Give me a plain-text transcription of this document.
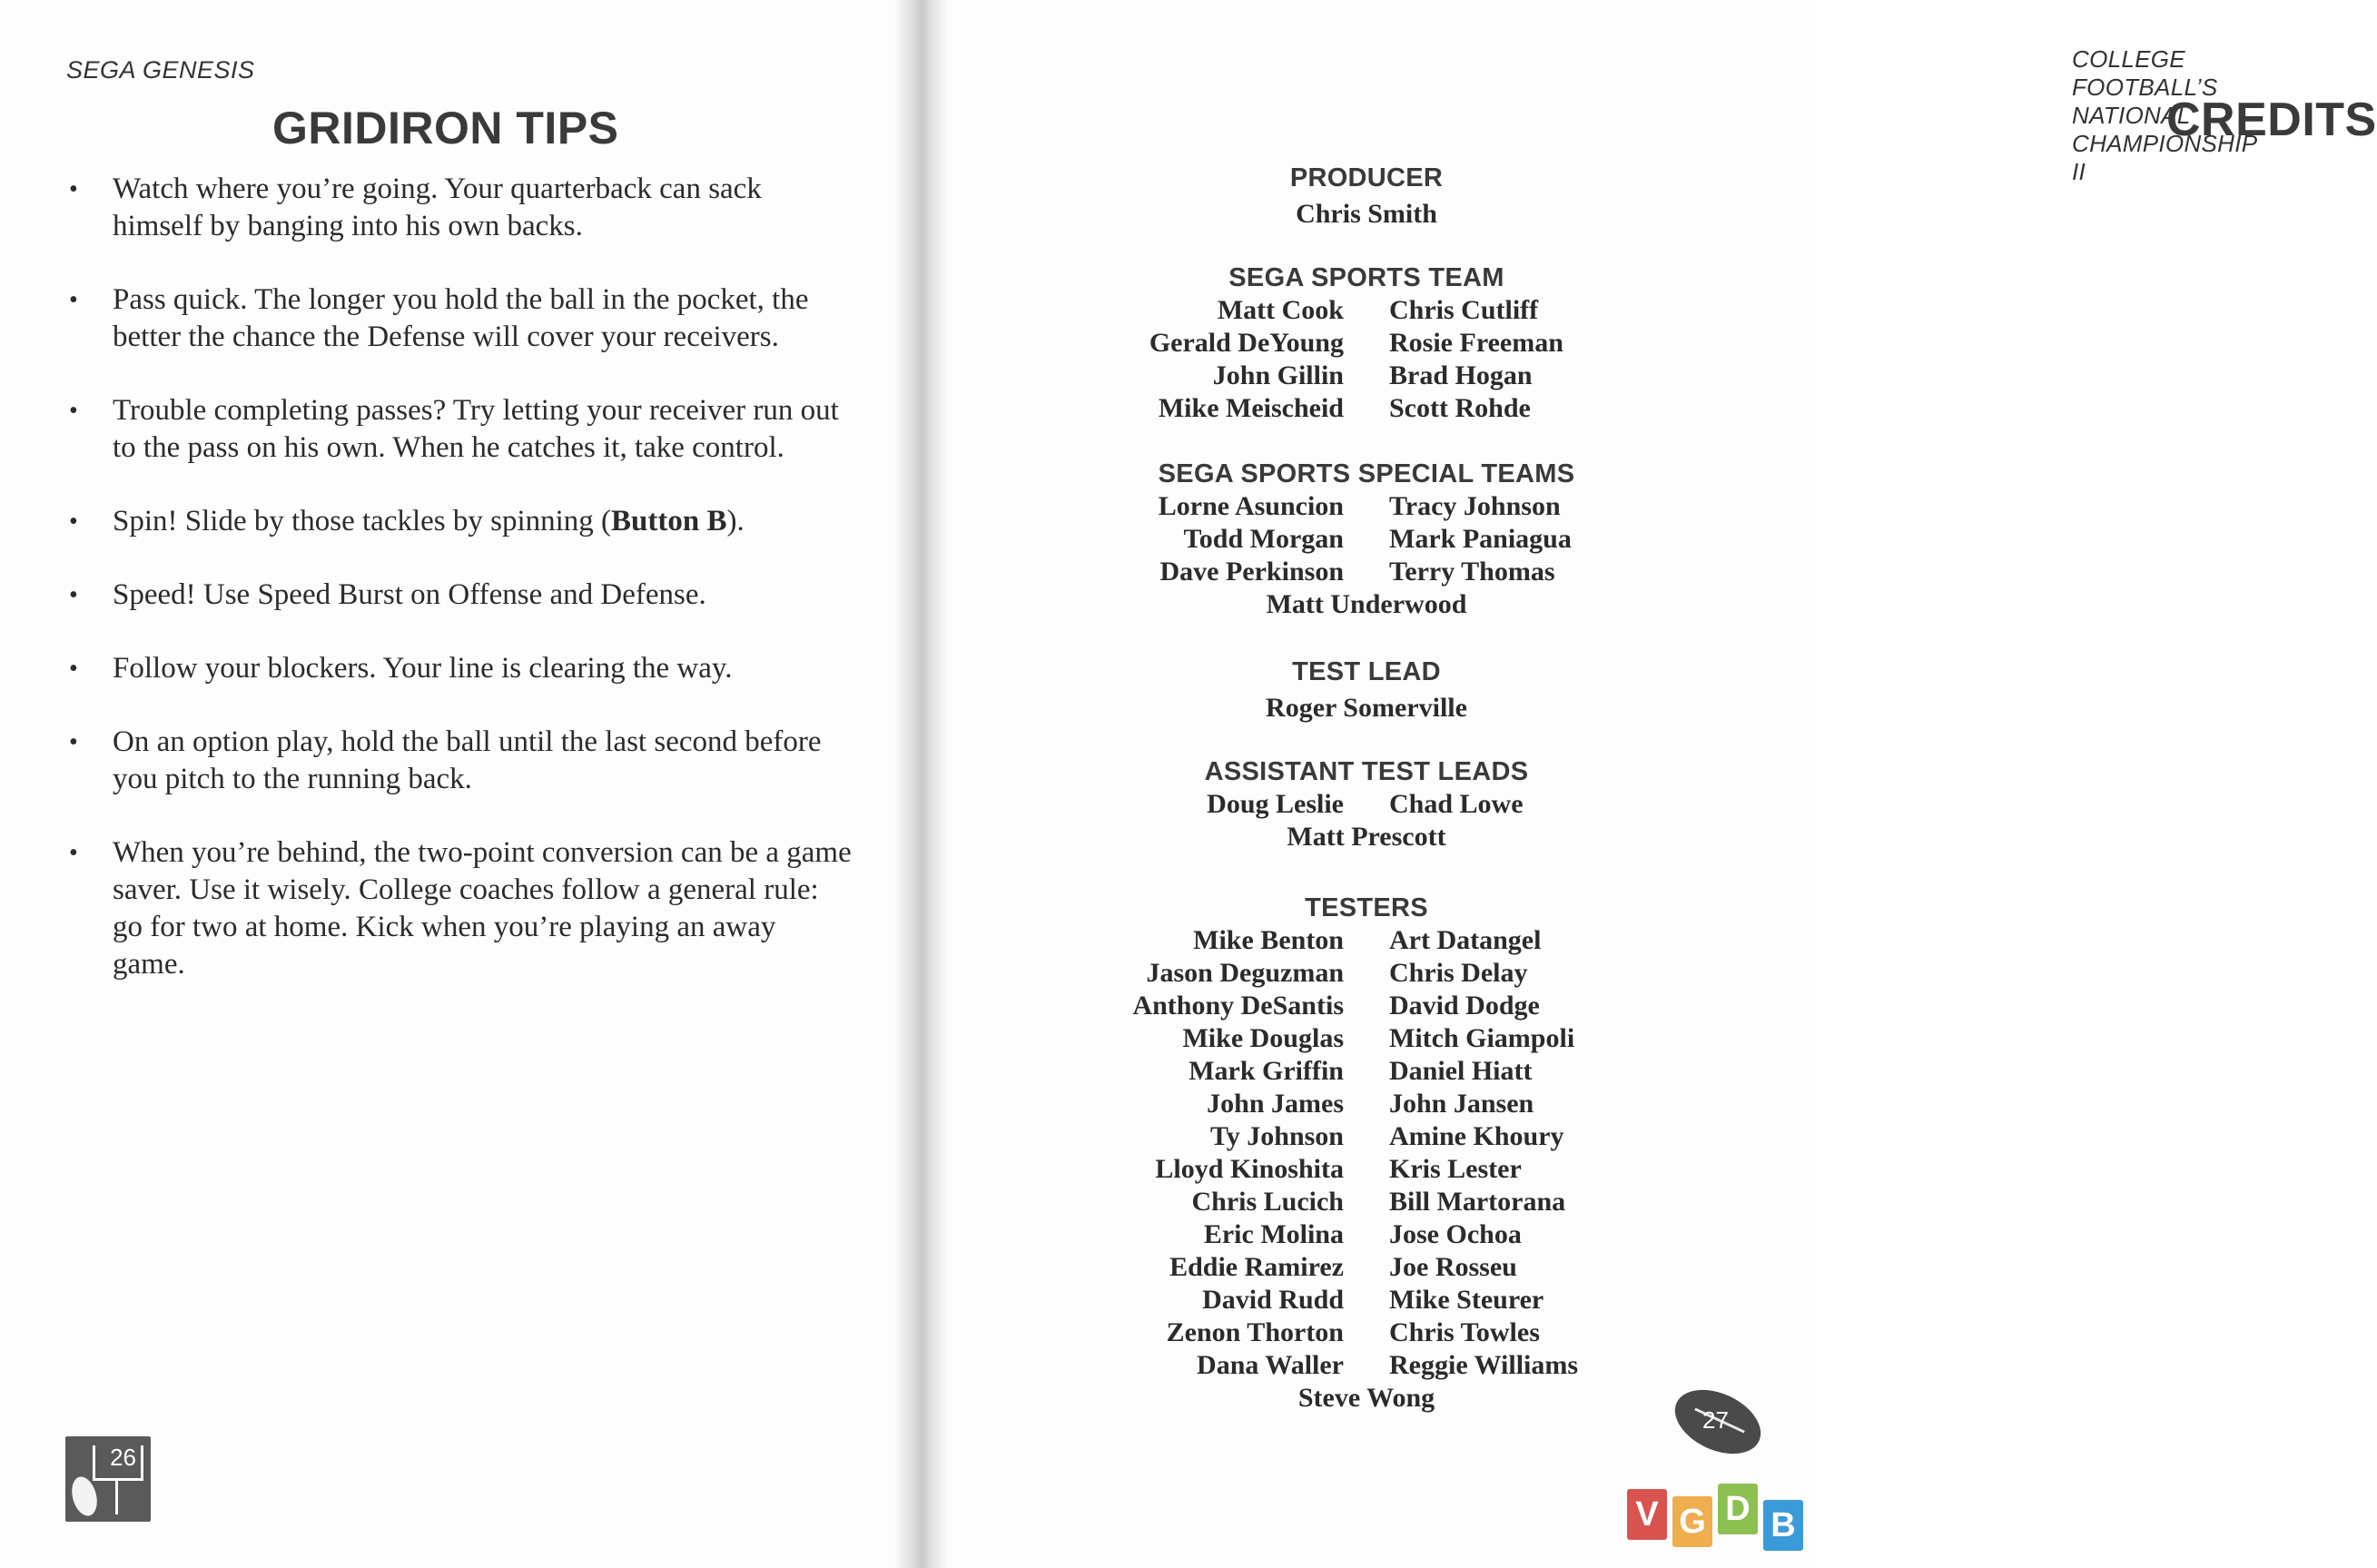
SEGA GENESIS
GRIDIRON TIPS
• Watch where you’re going. Your quarterback can sack himself by banging into his own backs.
• Pass quick. The longer you hold the ball in the pocket, the better the chance the Defense will cover your receivers.
• Trouble completing passes? Try letting your receiver run out to the pass on his own. When he catches it, take control.
• Spin! Slide by those tackles by spinning (Button B).
• Speed! Use Speed Burst on Offense and Defense.
• Follow your blockers. Your line is clearing the way.
• On an option play, hold the ball until the last second before you pitch to the running back.
• When you’re behind, the two-point conversion can be a game saver. Use it wisely. College coaches follow a general rule: go for two at home. Kick when you’re playing an away game.
26
COLLEGE FOOTBALL’S NATIONAL CHAMPIONSHIP II
CREDITS
PRODUCER
Chris Smith
SEGA SPORTS TEAM
Matt Cook Chris Cutliff
Gerald DeYoung Rosie Freeman
John Gillin Brad Hogan
Mike Meischeid Scott Rohde
SEGA SPORTS SPECIAL TEAMS
Lorne Asuncion Tracy Johnson
Todd Morgan Mark Paniagua
Dave Perkinson Terry Thomas
Matt Underwood
TEST LEAD
Roger Somerville
ASSISTANT TEST LEADS
Doug Leslie Chad Lowe
Matt Prescott
TESTERS
Mike Benton Art Datangel
Jason Deguzman Chris Delay
Anthony DeSantis David Dodge
Mike Douglas Mitch Giampoli
Mark Griffin Daniel Hiatt
John James John Jansen
Ty Johnson Amine Khoury
Lloyd Kinoshita Kris Lester
Chris Lucich Bill Martorana
Eric Molina Jose Ochoa
Eddie Ramirez Joe Rosseu
David Rudd Mike Steurer
Zenon Thorton Chris Towles
Dana Waller Reggie Williams
Steve Wong
27
V G D B
